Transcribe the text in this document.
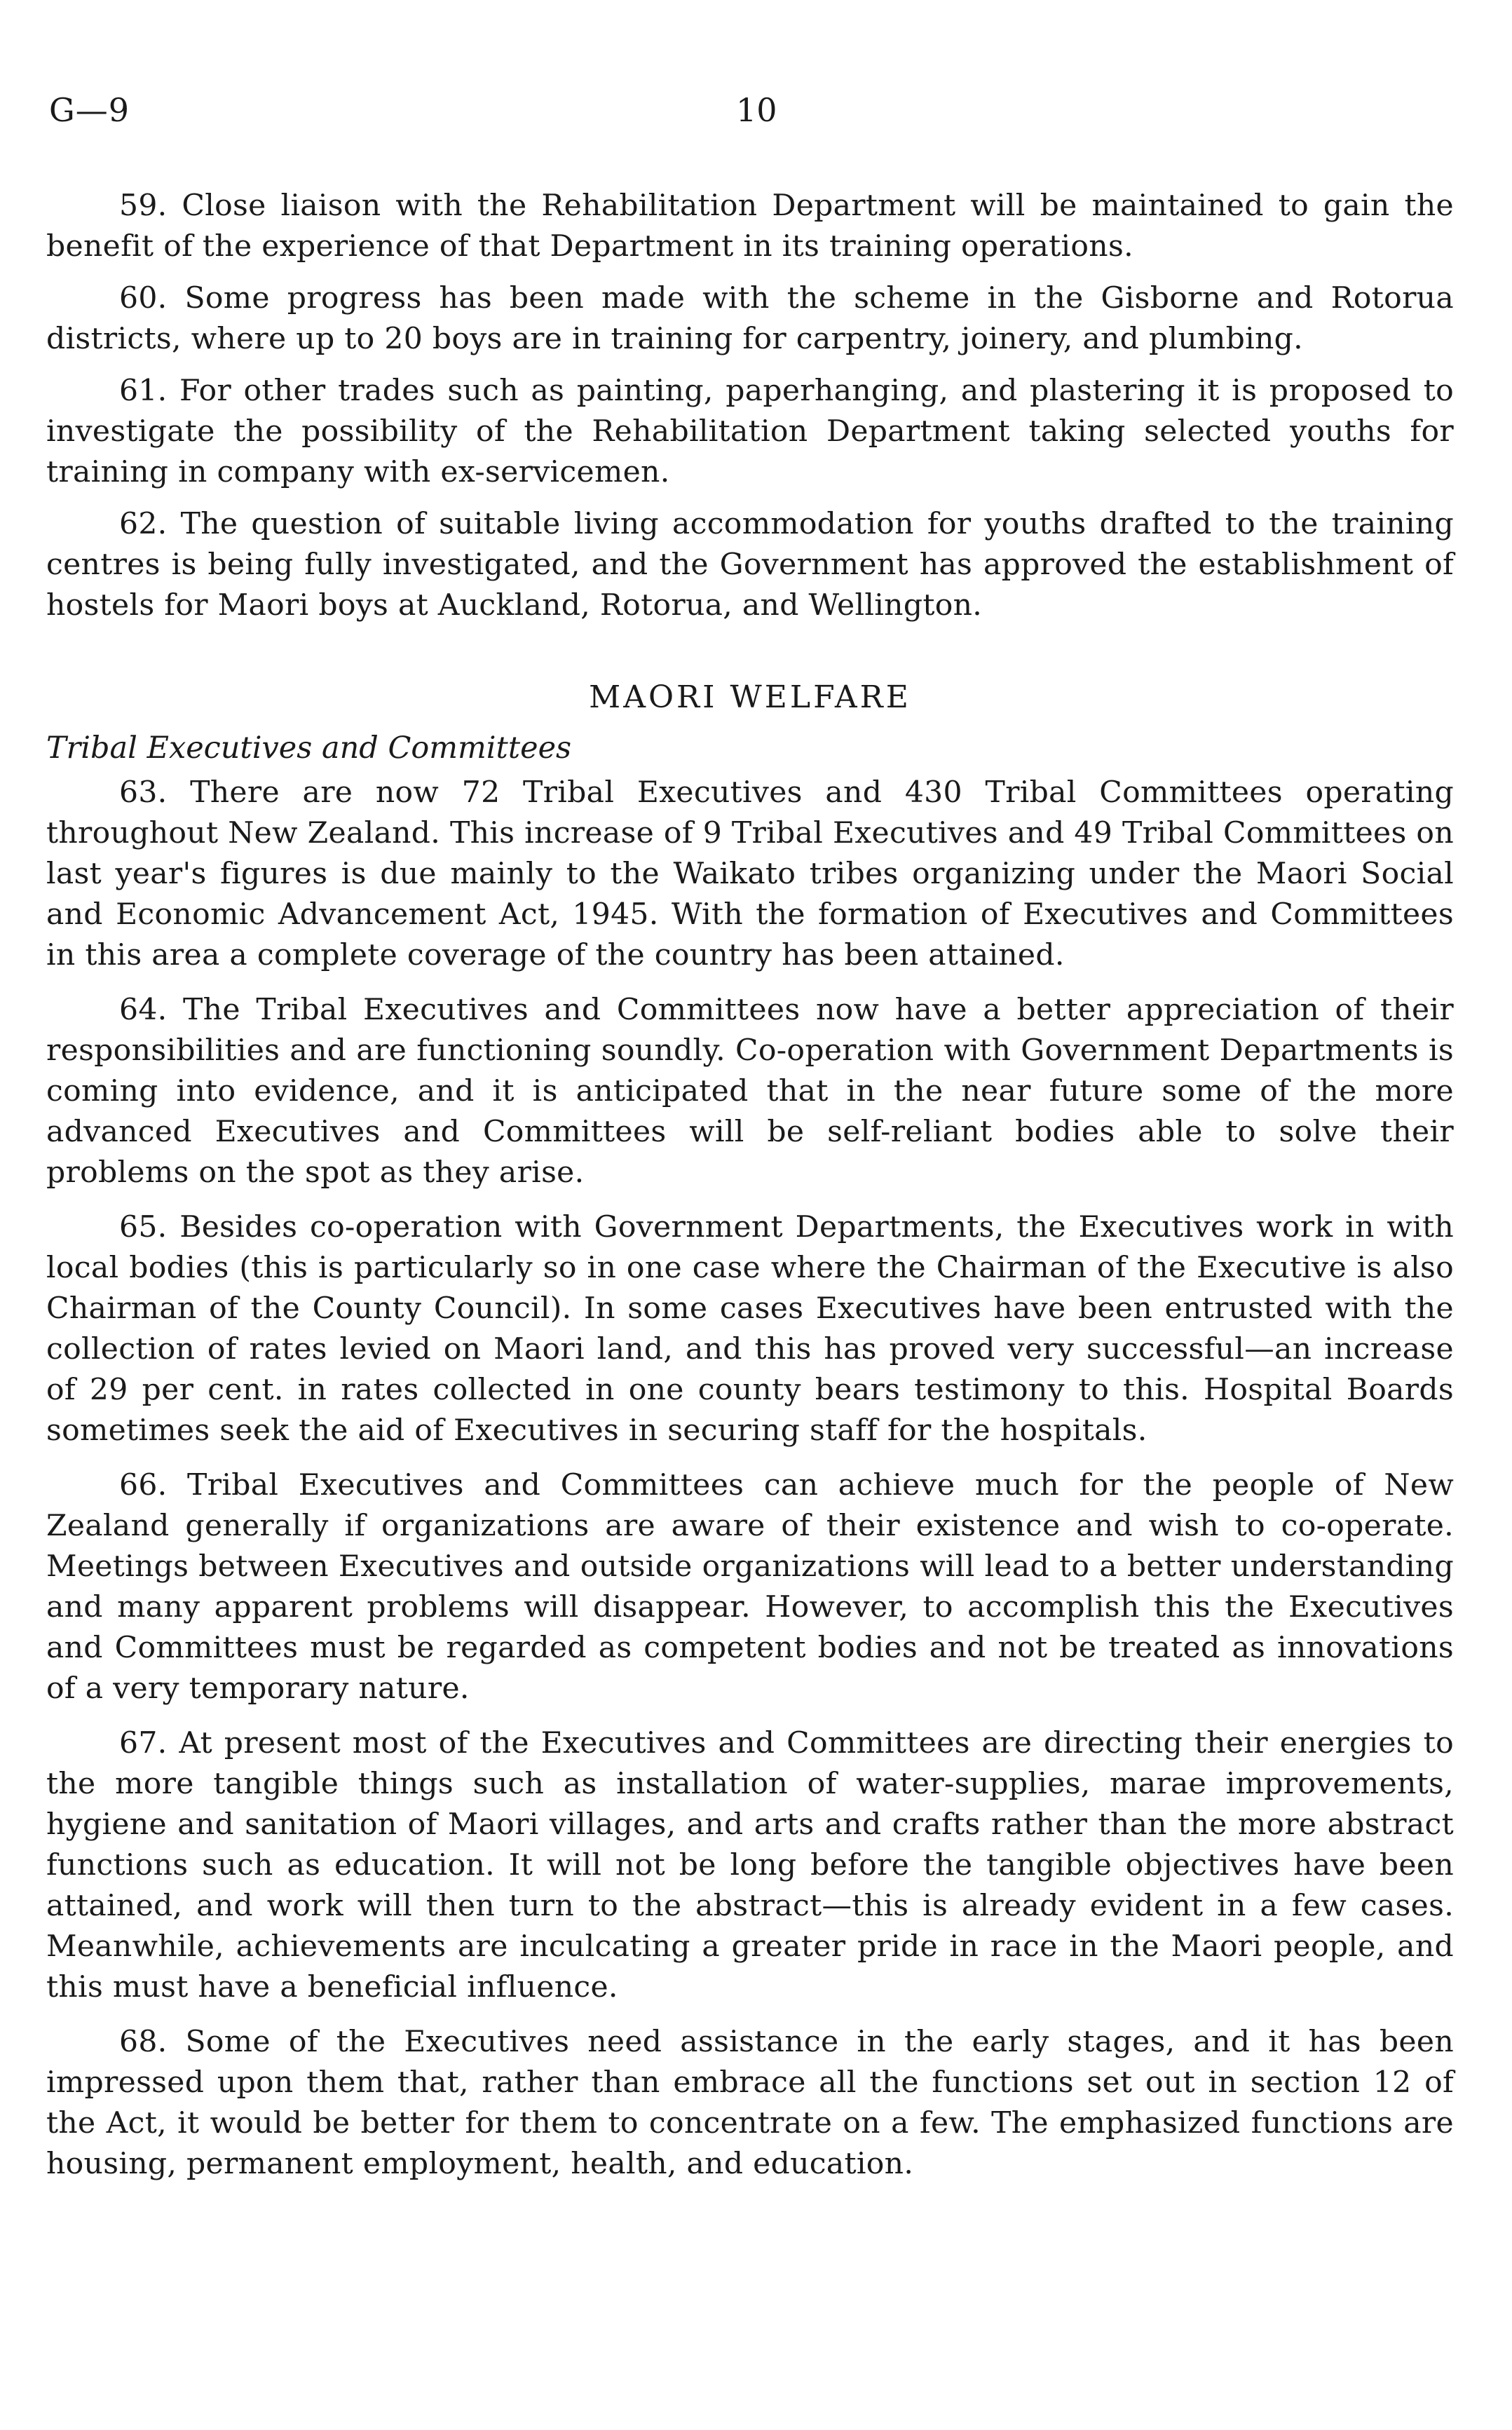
G—9	10

59. Close liaison with the Rehabilitation Department will be maintained to gain the benefit of the experience of that Department in its training operations.

60. Some progress has been made with the scheme in the Gisborne and Rotorua districts, where up to 20 boys are in training for carpentry, joinery, and plumbing.

61. For other trades such as painting, paperhanging, and plastering it is proposed to investigate the possibility of the Rehabilitation Department taking selected youths for training in company with ex-servicemen.

62. The question of suitable living accommodation for youths drafted to the training centres is being fully investigated, and the Government has approved the establishment of hostels for Maori boys at Auckland, Rotorua, and Wellington.

MAORI WELFARE
Tribal Executives and Committees

63. There are now 72 Tribal Executives and 430 Tribal Committees operating throughout New Zealand. This increase of 9 Tribal Executives and 49 Tribal Committees on last year's figures is due mainly to the Waikato tribes organizing under the Maori Social and Economic Advancement Act, 1945. With the formation of Executives and Committees in this area a complete coverage of the country has been attained.

64. The Tribal Executives and Committees now have a better appreciation of their responsibilities and are functioning soundly. Co-operation with Government Departments is coming into evidence, and it is anticipated that in the near future some of the more advanced Executives and Committees will be self-reliant bodies able to solve their problems on the spot as they arise.

65. Besides co-operation with Government Departments, the Executives work in with local bodies (this is particularly so in one case where the Chairman of the Executive is also Chairman of the County Council). In some cases Executives have been entrusted with the collection of rates levied on Maori land, and this has proved very successful—an increase of 29 per cent. in rates collected in one county bears testimony to this. Hospital Boards sometimes seek the aid of Executives in securing staff for the hospitals.

66. Tribal Executives and Committees can achieve much for the people of New Zealand generally if organizations are aware of their existence and wish to co-operate. Meetings between Executives and outside organizations will lead to a better understanding and many apparent problems will disappear. However, to accomplish this the Executives and Committees must be regarded as competent bodies and not be treated as innovations of a very temporary nature.

67. At present most of the Executives and Committees are directing their energies to the more tangible things such as installation of water-supplies, marae improvements, hygiene and sanitation of Maori villages, and arts and crafts rather than the more abstract functions such as education. It will not be long before the tangible objectives have been attained, and work will then turn to the abstract—this is already evident in a few cases. Meanwhile, achievements are inculcating a greater pride in race in the Maori people, and this must have a beneficial influence.

68. Some of the Executives need assistance in the early stages, and it has been impressed upon them that, rather than embrace all the functions set out in section 12 of the Act, it would be better for them to concentrate on a few. The emphasized functions are housing, permanent employment, health, and education.
